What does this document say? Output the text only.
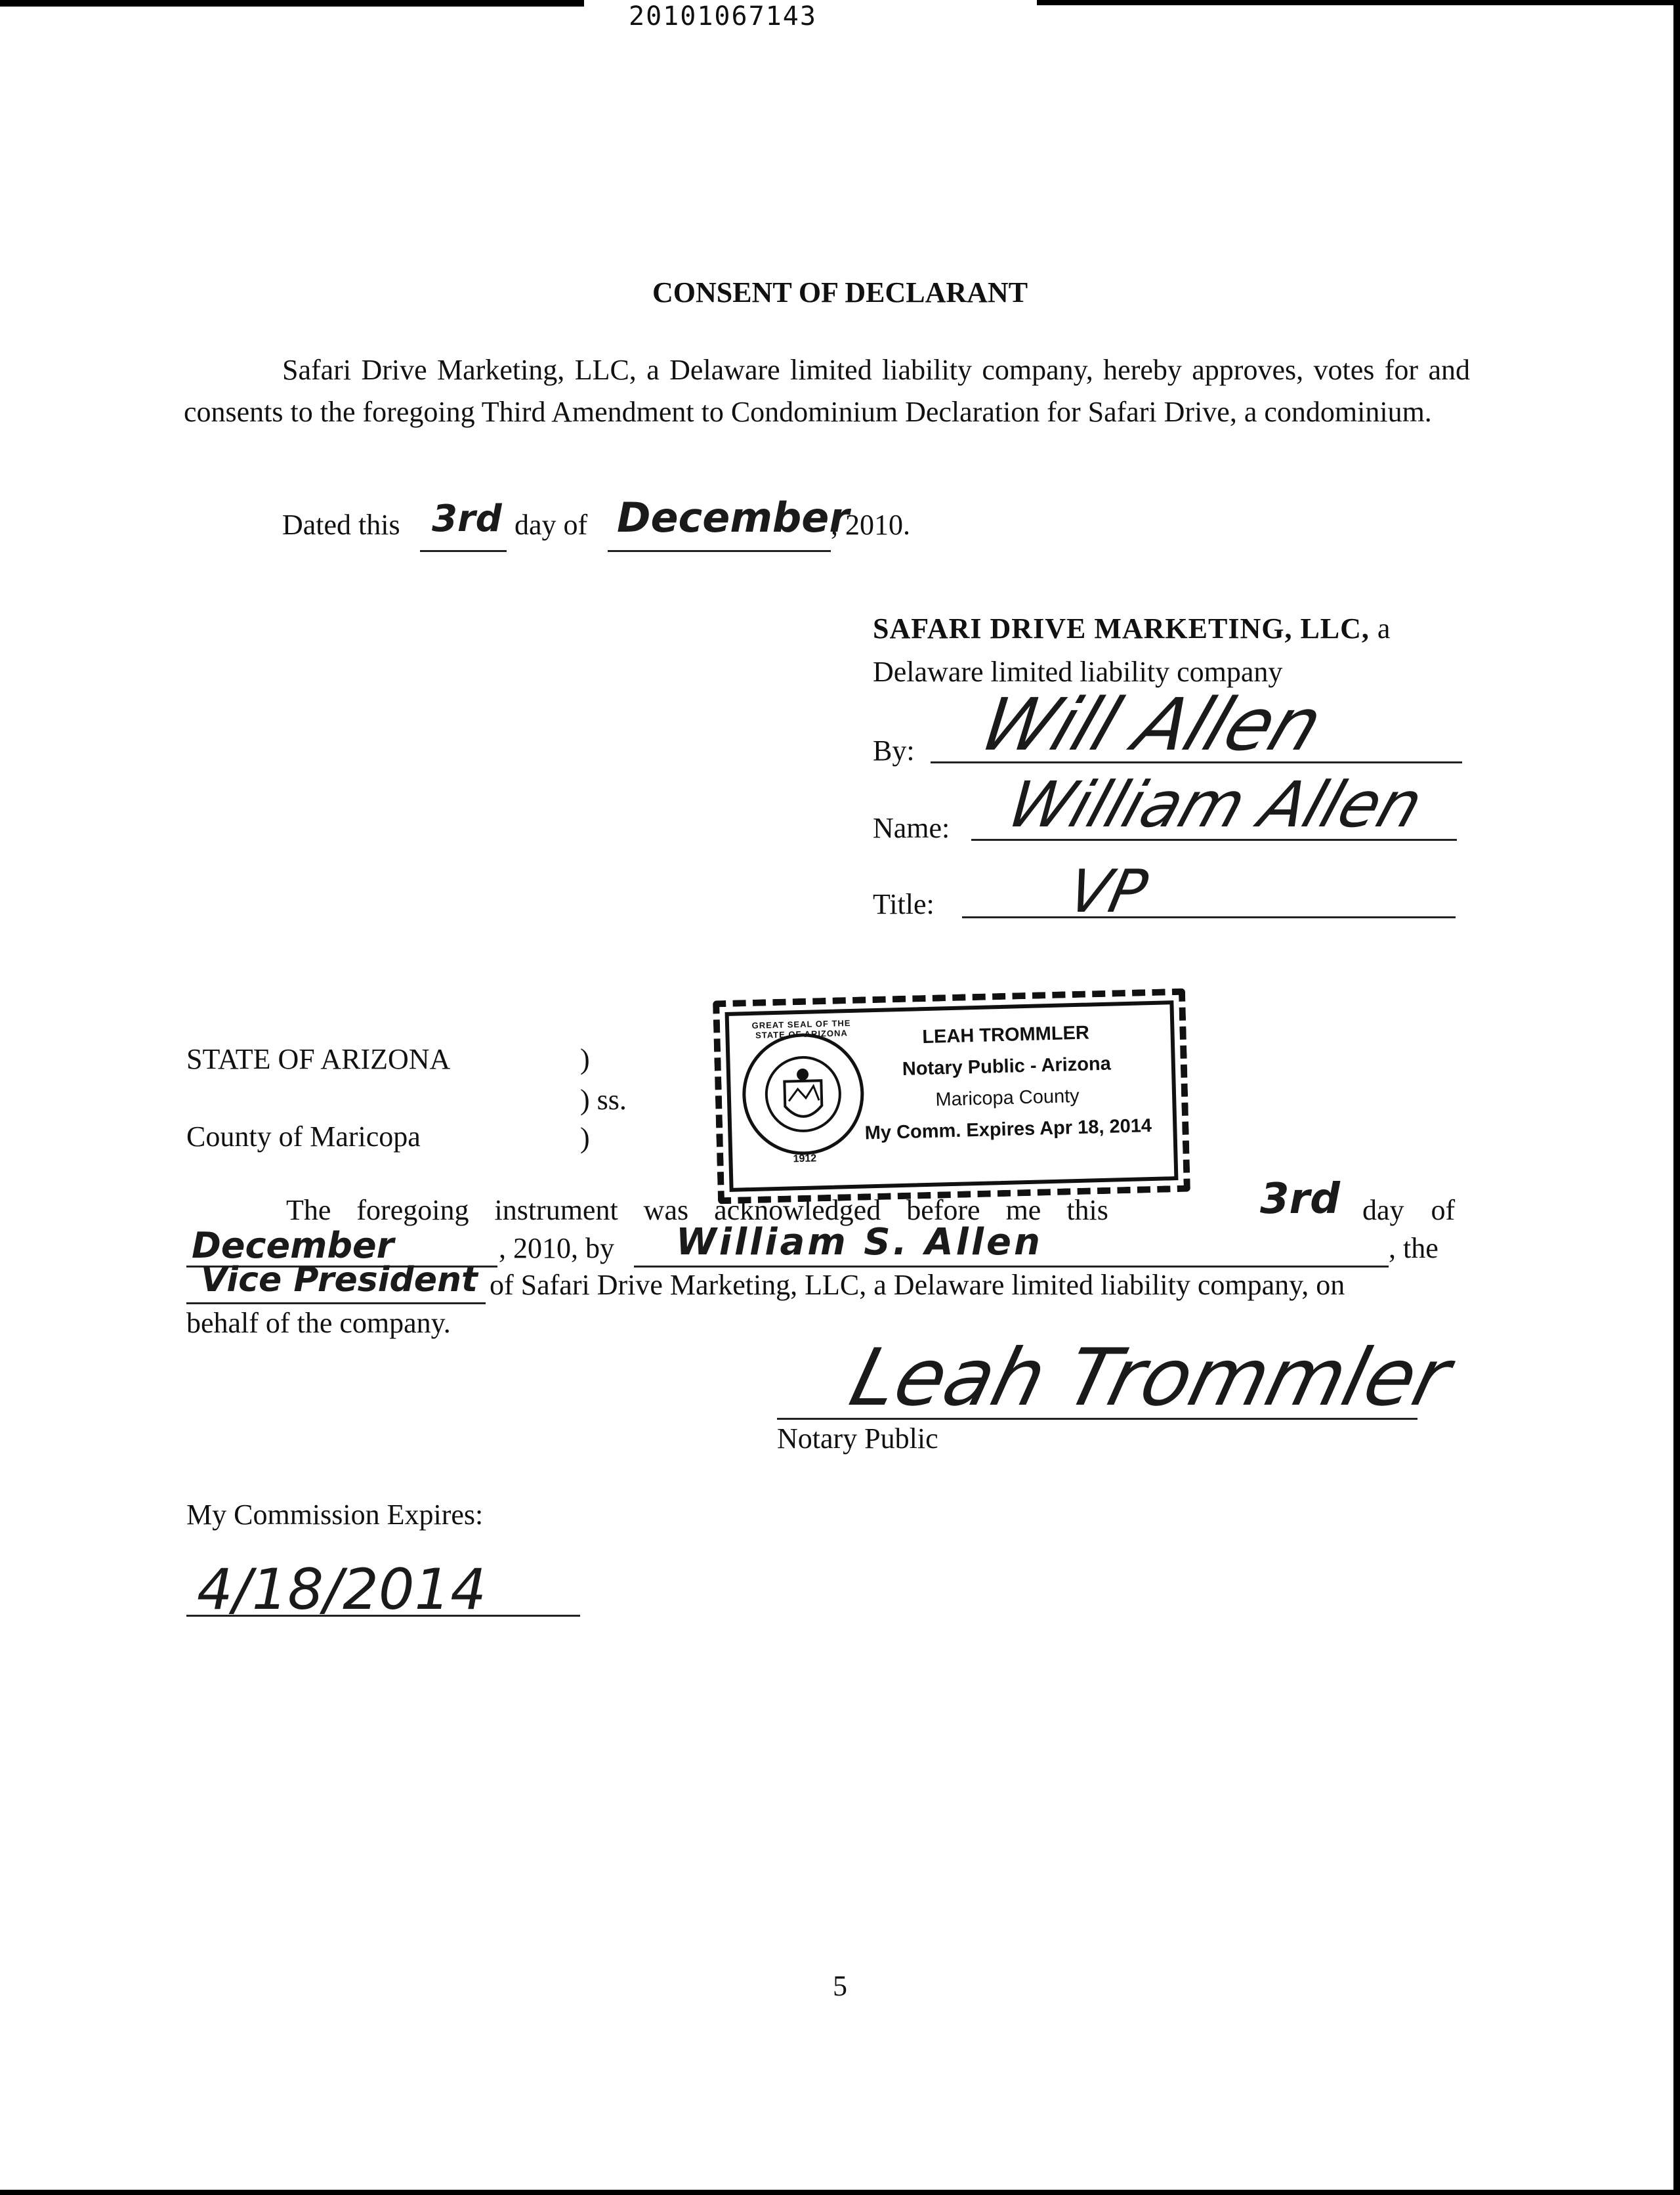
20101067143
CONSENT OF DECLARANT
Safari Drive Marketing, LLC, a Delaware limited liability company, hereby approves, votes for and consents to the foregoing Third Amendment to Condominium Declaration for Safari Drive, a condominium.
Dated this 3rd day of December
, 2010.
SAFARI DRIVE MARKETING, LLC, a
Delaware limited liability company
By: Will Allen
Name: William Allen
Title: VP
STATE OF ARIZONA
County of Maricopa
)
) ss.
)
GREAT SEAL OF THE STATE OF ARIZONA
1912
LEAH TROMMLER
Notary Public - Arizona
Maricopa County
My Comm. Expires Apr 18, 2014
The foregoing instrument was acknowledged before me this	3rd day of
December	, 2010, by William S. Allen	, the
Vice President of Safari Drive Marketing, LLC, a Delaware limited liability company, on
behalf of the company.
Leah Trommler
Notary Public
My Commission Expires:
4/18/2014
5
